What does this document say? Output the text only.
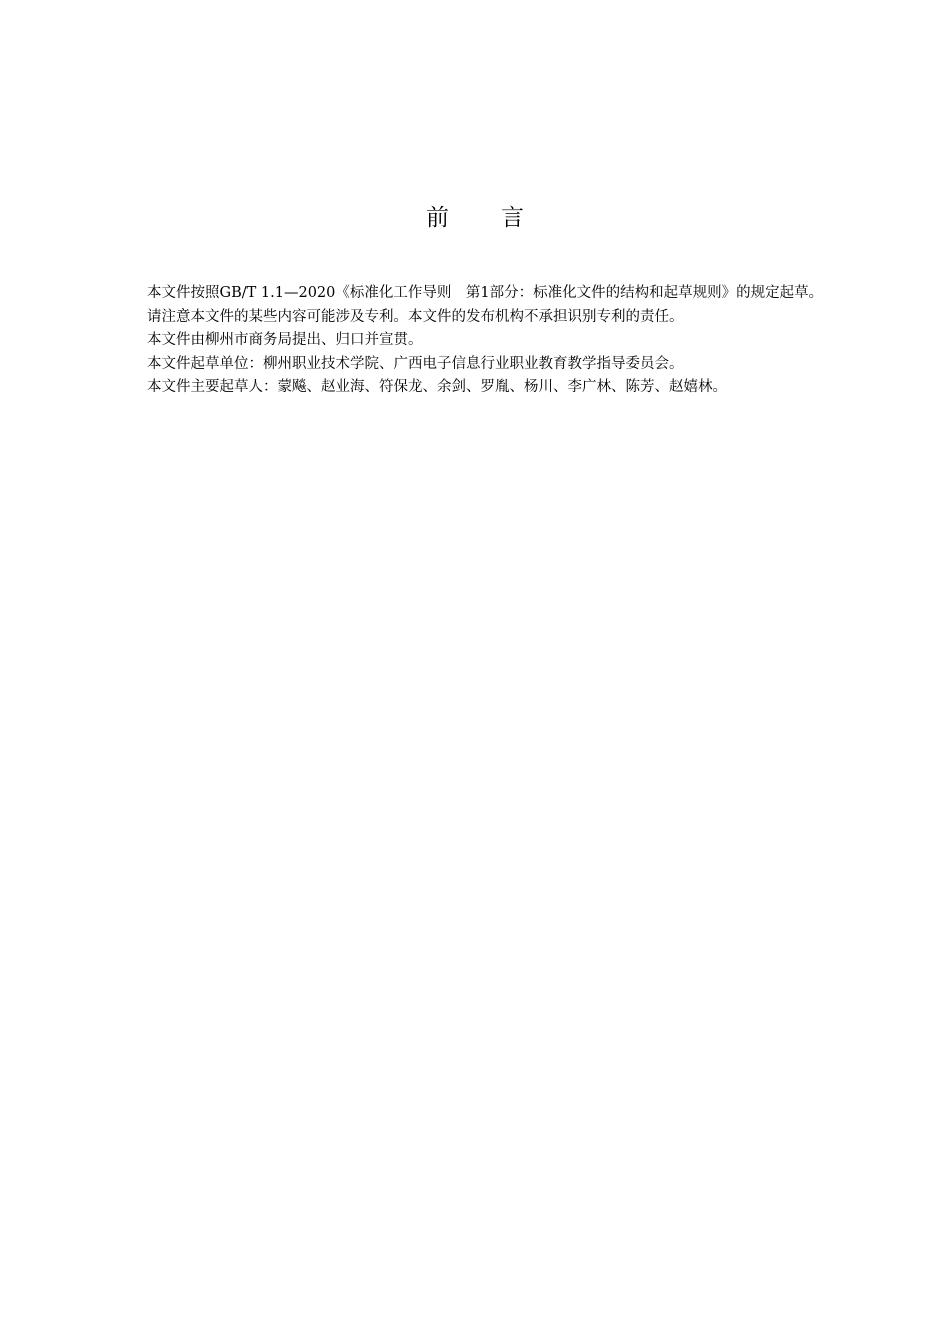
前言

本文件按照GB/T 1.1—2020《标准化工作导则　第1部分：标准化文件的结构和起草规则》的规定起草。

请注意本文件的某些内容可能涉及专利。本文件的发布机构不承担识别专利的责任。

本文件由柳州市商务局提出、归口并宣贯。

本文件起草单位：柳州职业技术学院、广西电子信息行业职业教育教学指导委员会。

本文件主要起草人：蒙飚、赵业海、符保龙、余剑、罗胤、杨川、李广林、陈芳、赵嬉林。
